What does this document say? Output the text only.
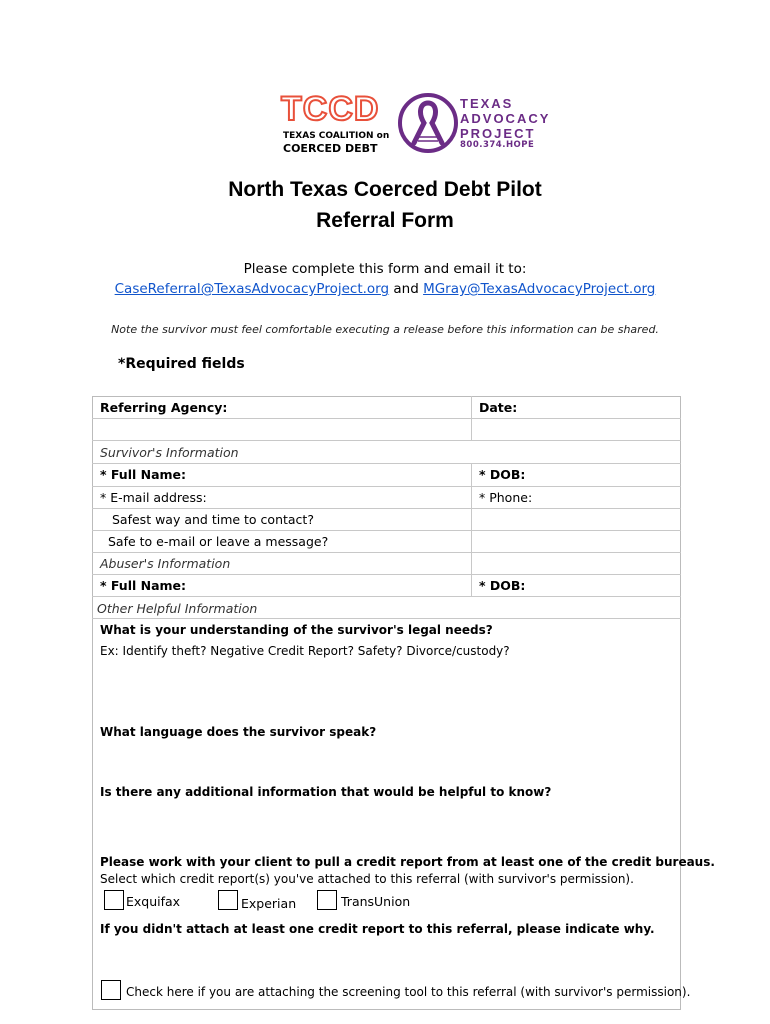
TCCD
TEXAS COALITION on
COERCED DEBT
TEXAS
ADVOCACY
PROJECT
800.374.HOPE
North Texas Coerced Debt Pilot
Referral Form
Please complete this form and email it to:
CaseReferral@TexasAdvocacyProject.org and MGray@TexasAdvocacyProject.org
Note the survivor must feel comfortable executing a release before this information can be shared.
*Required fields
Referring Agency:	Date:
Survivor's Information
* Full Name:	* DOB:
* E-mail address:	* Phone:
Safest way and time to contact?
Safe to e-mail or leave a message?
Abuser's Information
* Full Name:	* DOB:
Other Helpful Information
What is your understanding of the survivor's legal needs?
Ex: Identify theft? Negative Credit Report? Safety? Divorce/custody?
What language does the survivor speak?
Is there any additional information that would be helpful to know?
Please work with your client to pull a credit report from at least one of the credit bureaus.
Select which credit report(s) you've attached to this referral (with survivor's permission).
Exquifax	Experian	TransUnion
If you didn't attach at least one credit report to this referral, please indicate why.
Check here if you are attaching the screening tool to this referral (with survivor's permission).
